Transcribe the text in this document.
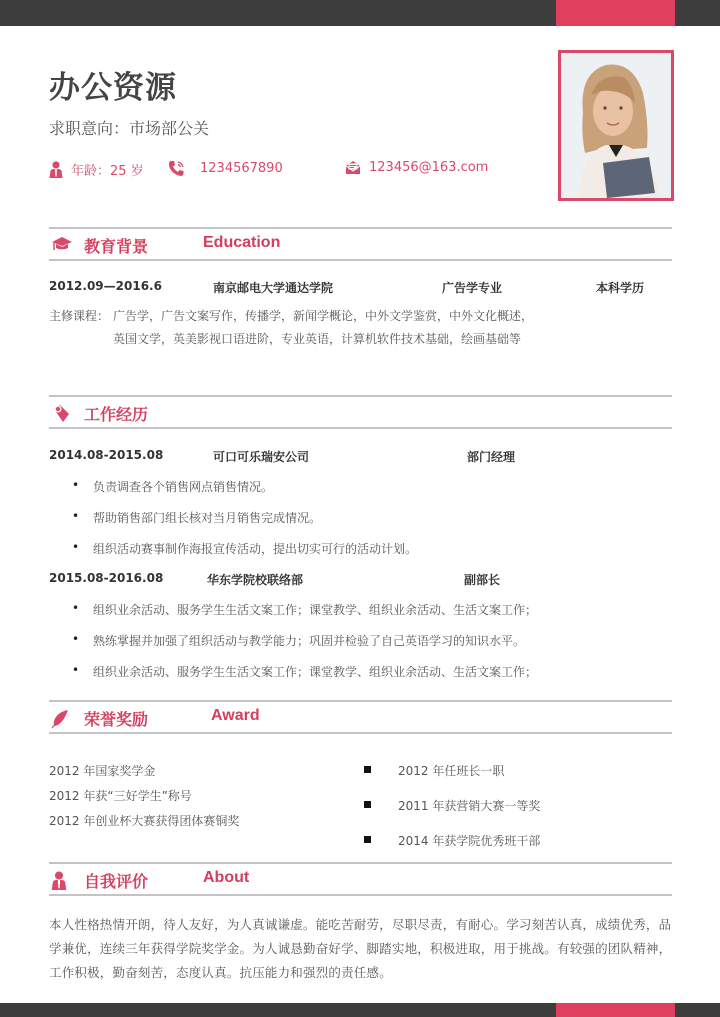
办公资源
求职意向：市场部公关
年龄：25 岁	1234567890	123456@163.com
教育背景	Education
2012.09—2016.6	南京邮电大学通达学院	广告学专业	本科学历
主修课程： 广告学，广告文案写作，传播学，新闻学概论，中外文学鉴赏，中外文化概述，
英国文学，英美影视口语进阶，专业英语，计算机软件技术基础，绘画基础等
工作经历
2014.08-2015.08	可口可乐瑞安公司	部门经理
• 负责调查各个销售网点销售情况。
• 帮助销售部门组长核对当月销售完成情况。
• 组织活动赛事制作海报宣传活动，提出切实可行的活动计划。
2015.08-2016.08	华东学院校联络部	副部长
• 组织业余活动、服务学生生活文案工作；课堂教学、组织业余活动、生活文案工作；
• 熟练掌握并加强了组织活动与教学能力；巩固并检验了自己英语学习的知识水平。
• 组织业余活动、服务学生生活文案工作；课堂教学、组织业余活动、生活文案工作；
荣誉奖励	Award
2012 年国家奖学金
2012 年获“三好学生”称号
2012 年创业杯大赛获得团体赛铜奖
2012 年任班长一职
2011 年获营销大赛一等奖
2014 年获学院优秀班干部
自我评价	About
本人性格热情开朗，待人友好，为人真诚谦虚。能吃苦耐劳，尽职尽责，有耐心。学习刻苦认真，成绩优秀，品学兼优，连续三年获得学院奖学金。为人诚恳勤奋好学、脚踏实地，积极进取，用于挑战。有较强的团队精神，工作积极，勤奋刻苦，态度认真。抗压能力和强烈的责任感。
